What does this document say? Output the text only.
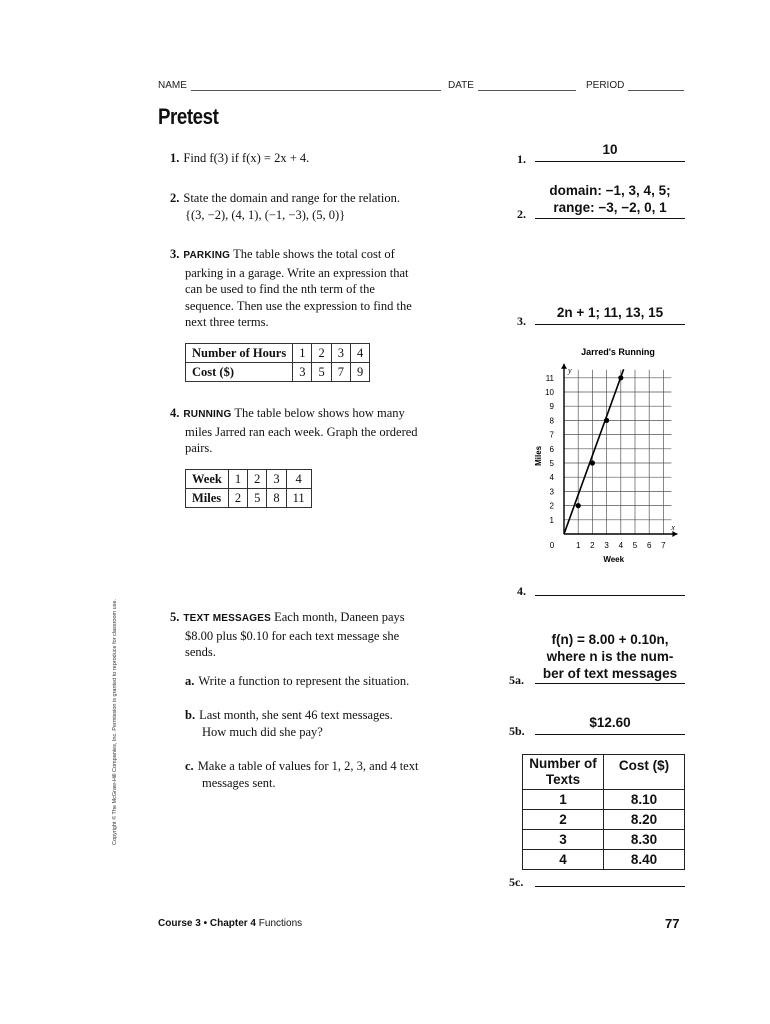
NAME	DATE	PERIOD
Pretest
1. Find f(3) if f(x) = 2x + 4.	1.
10
2. State the domain and range for the relation.
{(3, −2), (4, 1), (−1, −3), (5, 0)}	2.
domain: −1, 3, 4, 5;
range: −3, −2, 0, 1
3. PARKING The table shows the total cost of
parking in a garage. Write an expression that
can be used to find the nth term of the
sequence. Then use the expression to find the
next three terms.	3.
2n + 1; 11, 13, 15
Number of Hours	1	2	3	4
Cost ($)	3	5	7	9
4. RUNNING The table below shows how many
miles Jarred ran each week. Graph the ordered
pairs.
Week	1	2	3	4
Miles	2	5	8	11
Jarred's Running
x
y
1 2 3 4 5 6 7
1
2
3
4
5
6
7
8
9
10
11
0
Week
Miles
4.
5. TEXT MESSAGES Each month, Daneen pays
$8.00 plus $0.10 for each text message she
sends.
a. Write a function to represent the situation.	5a.
f(n) = 8.00 + 0.10n,
where n is the num-
ber of text messages
b. Last month, she sent 46 text messages.
How much did she pay?	5b.
$12.60
c. Make a table of values for 1, 2, 3, and 4 text
messages sent.
Number of Texts	Cost ($)
1	8.10
2	8.20
3	8.30
4	8.40
5c.
Copyright © The McGraw-Hill Companies, Inc. Permission is granted to reproduce for classroom use.
Course 3 • Chapter 4 Functions	77
